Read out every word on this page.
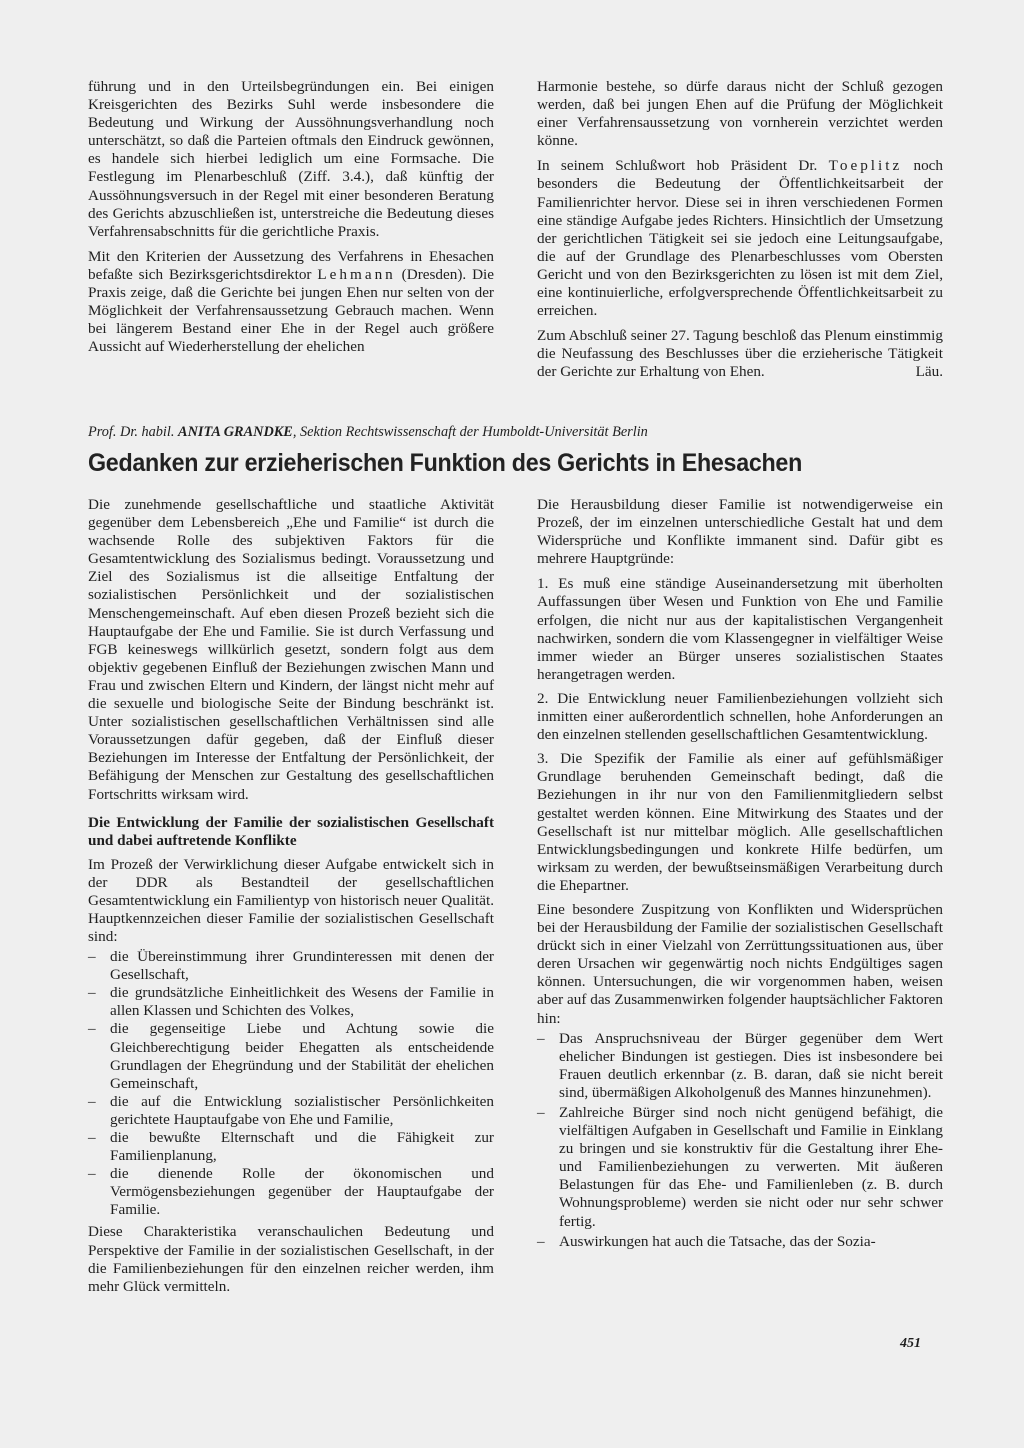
führung und in den Urteilsbegründungen ein. Bei einigen Kreisgerichten des Bezirks Suhl werde insbesondere die Bedeutung und Wirkung der Aussöhnungsverhandlung noch unterschätzt, so daß die Parteien oftmals den Eindruck gewönnen, es handele sich hierbei lediglich um eine Formsache. Die Festlegung im Plenarbeschluß (Ziff. 3.4.), daß künftig der Aussöhnungsversuch in der Regel mit einer besonderen Beratung des Gerichts abzuschließen ist, unterstreiche die Bedeutung dieses Verfahrensabschnitts für die gerichtliche Praxis.

Mit den Kriterien der Aussetzung des Verfahrens in Ehesachen befaßte sich Bezirksgerichtsdirektor Lehmann (Dresden). Die Praxis zeige, daß die Gerichte bei jungen Ehen nur selten von der Möglichkeit der Verfahrensaussetzung Gebrauch machen. Wenn bei längerem Bestand einer Ehe in der Regel auch größere Aussicht auf Wiederherstellung der ehelichen

Harmonie bestehe, so dürfe daraus nicht der Schluß gezogen werden, daß bei jungen Ehen auf die Prüfung der Möglichkeit einer Verfahrensaussetzung von vornherein verzichtet werden könne.

In seinem Schlußwort hob Präsident Dr. Toeplitz noch besonders die Bedeutung der Öffentlichkeitsarbeit der Familienrichter hervor. Diese sei in ihren verschiedenen Formen eine ständige Aufgabe jedes Richters. Hinsichtlich der Umsetzung der gerichtlichen Tätigkeit sei sie jedoch eine Leitungsaufgabe, die auf der Grundlage des Plenarbeschlusses vom Obersten Gericht und von den Bezirksgerichten zu lösen ist mit dem Ziel, eine kontinuierliche, erfolgversprechende Öffentlichkeitsarbeit zu erreichen.

Zum Abschluß seiner 27. Tagung beschloß das Plenum einstimmig die Neufassung des Beschlusses über die erzieherische Tätigkeit der Gerichte zur Erhaltung von Ehen.	Läu.

Prof. Dr. habil. ANITA GRANDKE, Sektion Rechtswissenschaft der Humboldt-Universität Berlin
Gedanken zur erzieherischen Funktion des Gerichts in Ehesachen

Die zunehmende gesellschaftliche und staatliche Aktivität gegenüber dem Lebensbereich „Ehe und Familie“ ist durch die wachsende Rolle des subjektiven Faktors für die Gesamtentwicklung des Sozialismus bedingt. Voraussetzung und Ziel des Sozialismus ist die allseitige Entfaltung der sozialistischen Persönlichkeit und der sozialistischen Menschengemeinschaft. Auf eben diesen Prozeß bezieht sich die Hauptaufgabe der Ehe und Familie. Sie ist durch Verfassung und FGB keineswegs willkürlich gesetzt, sondern folgt aus dem objektiv gegebenen Einfluß der Beziehungen zwischen Mann und Frau und zwischen Eltern und Kindern, der längst nicht mehr auf die sexuelle und biologische Seite der Bindung beschränkt ist. Unter sozialistischen gesellschaftlichen Verhältnissen sind alle Voraussetzungen dafür gegeben, daß der Einfluß dieser Beziehungen im Interesse der Entfaltung der Persönlichkeit, der Befähigung der Menschen zur Gestaltung des gesellschaftlichen Fortschritts wirksam wird.

Die Entwicklung der Familie der sozialistischen Gesellschaft und dabei auftretende Konflikte

Im Prozeß der Verwirklichung dieser Aufgabe entwickelt sich in der DDR als Bestandteil der gesellschaftlichen Gesamtentwicklung ein Familientyp von historisch neuer Qualität. Hauptkennzeichen dieser Familie der sozialistischen Gesellschaft sind:

– die Übereinstimmung ihrer Grundinteressen mit denen der Gesellschaft,
– die grundsätzliche Einheitlichkeit des Wesens der Familie in allen Klassen und Schichten des Volkes,
– die gegenseitige Liebe und Achtung sowie die Gleichberechtigung beider Ehegatten als entscheidende Grundlagen der Ehegründung und der Stabilität der ehelichen Gemeinschaft,
– die auf die Entwicklung sozialistischer Persönlichkeiten gerichtete Hauptaufgabe von Ehe und Familie,
– die bewußte Elternschaft und die Fähigkeit zur Familienplanung,
– die dienende Rolle der ökonomischen und Vermögensbeziehungen gegenüber der Hauptaufgabe der Familie.

Diese Charakteristika veranschaulichen Bedeutung und Perspektive der Familie in der sozialistischen Gesellschaft, in der die Familienbeziehungen für den einzelnen reicher werden, ihm mehr Glück vermitteln.

Die Herausbildung dieser Familie ist notwendigerweise ein Prozeß, der im einzelnen unterschiedliche Gestalt hat und dem Widersprüche und Konflikte immanent sind. Dafür gibt es mehrere Hauptgründe:

1. Es muß eine ständige Auseinandersetzung mit überholten Auffassungen über Wesen und Funktion von Ehe und Familie erfolgen, die nicht nur aus der kapitalistischen Vergangenheit nachwirken, sondern die vom Klassengegner in vielfältiger Weise immer wieder an Bürger unseres sozialistischen Staates herangetragen werden.

2. Die Entwicklung neuer Familienbeziehungen vollzieht sich inmitten einer außerordentlich schnellen, hohe Anforderungen an den einzelnen stellenden gesellschaftlichen Gesamtentwicklung.

3. Die Spezifik der Familie als einer auf gefühlsmäßiger Grundlage beruhenden Gemeinschaft bedingt, daß die Beziehungen in ihr nur von den Familienmitgliedern selbst gestaltet werden können. Eine Mitwirkung des Staates und der Gesellschaft ist nur mittelbar möglich. Alle gesellschaftlichen Entwicklungsbedingungen und konkrete Hilfe bedürfen, um wirksam zu werden, der bewußtseinsmäßigen Verarbeitung durch die Ehepartner.

Eine besondere Zuspitzung von Konflikten und Widersprüchen bei der Herausbildung der Familie der sozialistischen Gesellschaft drückt sich in einer Vielzahl von Zerrüttungssituationen aus, über deren Ursachen wir gegenwärtig noch nichts Endgültiges sagen können. Untersuchungen, die wir vorgenommen haben, weisen aber auf das Zusammenwirken folgender hauptsächlicher Faktoren hin:

– Das Anspruchsniveau der Bürger gegenüber dem Wert ehelicher Bindungen ist gestiegen. Dies ist insbesondere bei Frauen deutlich erkennbar (z. B. daran, daß sie nicht bereit sind, übermäßigen Alkoholgenuß des Mannes hinzunehmen).
– Zahlreiche Bürger sind noch nicht genügend befähigt, die vielfältigen Aufgaben in Gesellschaft und Familie in Einklang zu bringen und sie konstruktiv für die Gestaltung ihrer Ehe- und Familienbeziehungen zu verwerten. Mit äußeren Belastungen für das Ehe- und Familienleben (z. B. durch Wohnungsprobleme) werden sie nicht oder nur sehr schwer fertig.
– Auswirkungen hat auch die Tatsache, das der Sozia-
451
